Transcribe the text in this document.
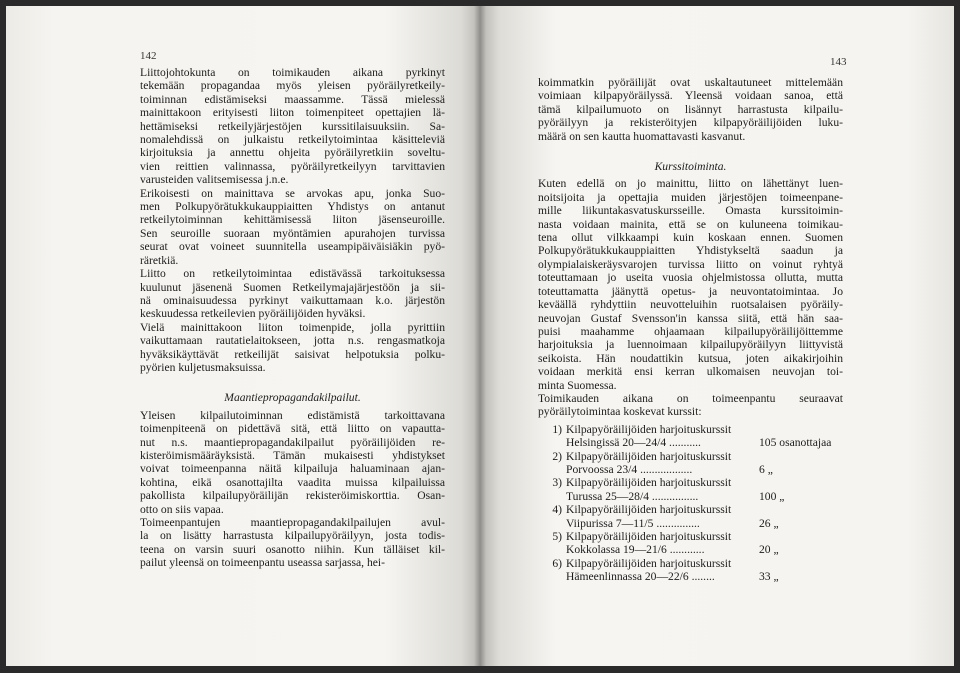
142
Liittojohtokunta on toimikauden aikana pyrkinyt
tekemään propagandaa myös yleisen pyöräilyretkeily-
toiminnan edistämiseksi maassamme. Tässä mielessä
mainittakoon erityisesti liiton toimenpiteet opettajien lä-
hettämiseksi retkeilyjärjestöjen kurssitilaisuuksiin. Sa-
nomalehdissä on julkaistu retkeilytoimintaa käsitteleviä
kirjoituksia ja annettu ohjeita pyöräilyretkiin soveltu-
vien reittien valinnassa, pyöräilyretkeilyyn tarvittavien
varusteiden valitsemisessa j.n.e.
Erikoisesti on mainittava se arvokas apu, jonka Suo-
men Polkupyörätukkukauppiaitten Yhdistys on antanut
retkeilytoiminnan kehittämisessä liiton jäsenseuroille.
Sen seuroille suoraan myöntämien apurahojen turvissa
seurat ovat voineet suunnitella useampipäiväisiäkin pyö-
räretkiä.
Liitto on retkeilytoimintaa edistävässä tarkoituksessa
kuulunut jäsenenä Suomen Retkeilymajajärjestöön ja sii-
nä ominaisuudessa pyrkinyt vaikuttamaan k.o. järjestön
keskuudessa retkeilevien pyöräilijöiden hyväksi.
Vielä mainittakoon liiton toimenpide, jolla pyrittiin
vaikuttamaan rautatielaitokseen, jotta n.s. rengasmatkoja
hyväksikäyttävät retkeilijät saisivat helpotuksia polku-
pyörien kuljetusmaksuissa.
Maantiepropagandakilpailut.
Yleisen kilpailutoiminnan edistämistä tarkoittavana
toimenpiteenä on pidettävä sitä, että liitto on vapautta-
nut n.s. maantiepropagandakilpailut pyöräilijöiden re-
kisteröimismääräyksistä. Tämän mukaisesti yhdistykset
voivat toimeenpanna näitä kilpailuja haluaminaan ajan-
kohtina, eikä osanottajilta vaadita muissa kilpailuissa
pakollista kilpailupyöräilijän rekisteröimiskorttia. Osan-
otto on siis vapaa.
Toimeenpantujen maantiepropagandakilpailujen avul-
la on lisätty harrastusta kilpailupyöräilyyn, josta todis-
teena on varsin suuri osanotto niihin. Kun tälläiset kil-
pailut yleensä on toimeenpantu useassa sarjassa, hei-
143
koimmatkin pyöräilijät ovat uskaltautuneet mittelemään
voimiaan kilpapyöräilyssä. Yleensä voidaan sanoa, että
tämä kilpailumuoto on lisännyt harrastusta kilpailu-
pyöräilyyn ja rekisteröityjen kilpapyöräilijöiden luku-
määrä on sen kautta huomattavasti kasvanut.
Kurssitoiminta.
Kuten edellä on jo mainittu, liitto on lähettänyt luen-
noitsijoita ja opettajia muiden järjestöjen toimeenpane-
mille liikuntakasvatuskursseille. Omasta kurssitoimin-
nasta voidaan mainita, että se on kuluneena toimikau-
tena ollut vilkkaampi kuin koskaan ennen. Suomen
Polkupyörätukkukauppiaitten Yhdistykseltä saadun ja
olympialaiskeräysvarojen turvissa liitto on voinut ryhtyä
toteuttamaan jo useita vuosia ohjelmistossa ollutta, mutta
toteuttamatta jäänyttä opetus- ja neuvontatoimintaa. Jo
keväällä ryhdyttiin neuvotteluihin ruotsalaisen pyöräily-
neuvojan Gustaf Svensson'in kanssa siitä, että hän saa-
puisi maahamme ohjaamaan kilpailupyöräilijöittemme
harjoituksia ja luennoimaan kilpailupyöräilyyn liittyvistä
seikoista. Hän noudattikin kutsua, joten aikakirjoihin
voidaan merkitä ensi kerran ulkomaisen neuvojan toi-
minta Suomessa.
Toimikauden aikana on toimeenpantu seuraavat
pyöräilytoimintaa koskevat kurssit:
1) Kilpapyöräilijöiden harjoituskurssit
Helsingissä 20—24/4 ...........	105 osanottajaa
2) Kilpapyöräilijöiden harjoituskurssit
Porvoossa 23/4 ..................	6 „
3) Kilpapyöräilijöiden harjoituskurssit
Turussa 25—28/4 ................	100 „
4) Kilpapyöräilijöiden harjoituskurssit
Viipurissa 7—11/5 ...............	26 „
5) Kilpapyöräilijöiden harjoituskurssit
Kokkolassa 19—21/6 ............	20 „
6) Kilpapyöräilijöiden harjoituskurssit
Hämeenlinnassa 20—22/6 ........	33 „
